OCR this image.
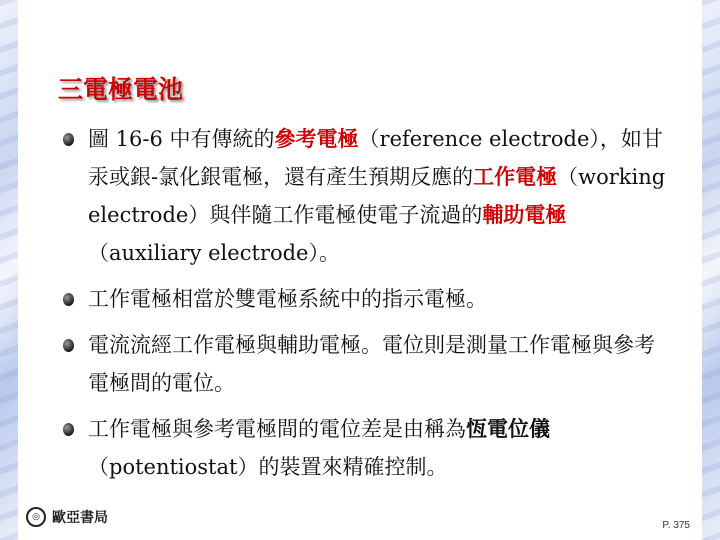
三電極電池
圖 16-6 中有傳統的參考電極（reference electrode），如甘汞或銀-氯化銀電極，還有產生預期反應的工作電極（working electrode）與伴隨工作電極使電子流過的輔助電極（auxiliary electrode）。
工作電極相當於雙電極系統中的指示電極。
電流流經工作電極與輔助電極。電位則是測量工作電極與參考電極間的電位。
工作電極與參考電極間的電位差是由稱為恆電位儀（potentiostat）的裝置來精確控制。
◎ 歐亞書局	P. 375
